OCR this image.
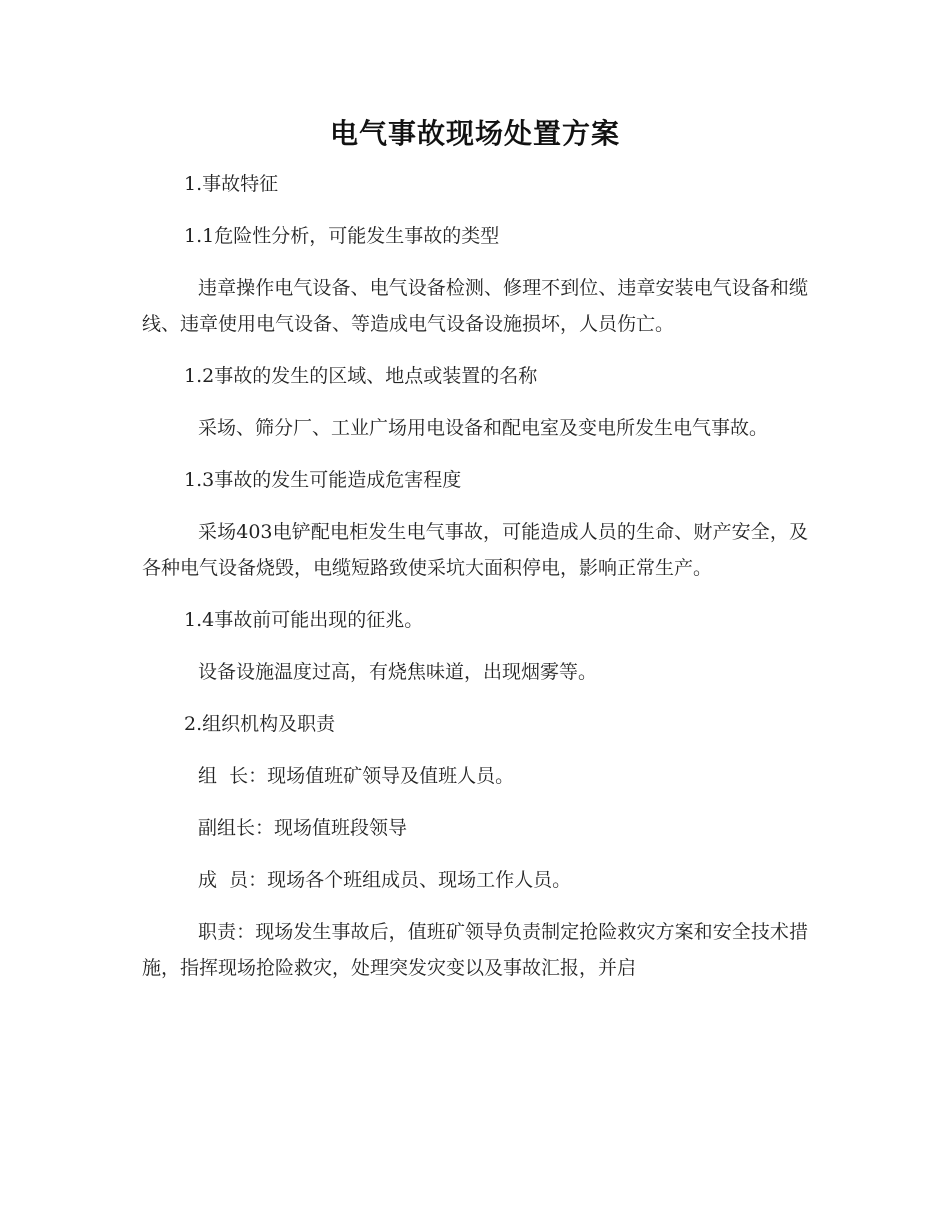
电气事故现场处置方案

1.事故特征

1.1危险性分析，可能发生事故的类型

违章操作电气设备、电气设备检测、修理不到位、违章安装电气设备和缆线、违章使用电气设备、等造成电气设备设施损坏，人员伤亡。

1.2事故的发生的区域、地点或装置的名称

采场、筛分厂、工业广场用电设备和配电室及变电所发生电气事故。

1.3事故的发生可能造成危害程度

采场403电铲配电柜发生电气事故，可能造成人员的生命、财产安全，及各种电气设备烧毁，电缆短路致使采坑大面积停电，影响正常生产。

1.4事故前可能出现的征兆。

设备设施温度过高，有烧焦味道，出现烟雾等。

2.组织机构及职责

组  长：现场值班矿领导及值班人员。

副组长：现场值班段领导

成  员：现场各个班组成员、现场工作人员。

职责：现场发生事故后，值班矿领导负责制定抢险救灾方案和安全技术措施，指挥现场抢险救灾，处理突发灾变以及事故汇报，并启
